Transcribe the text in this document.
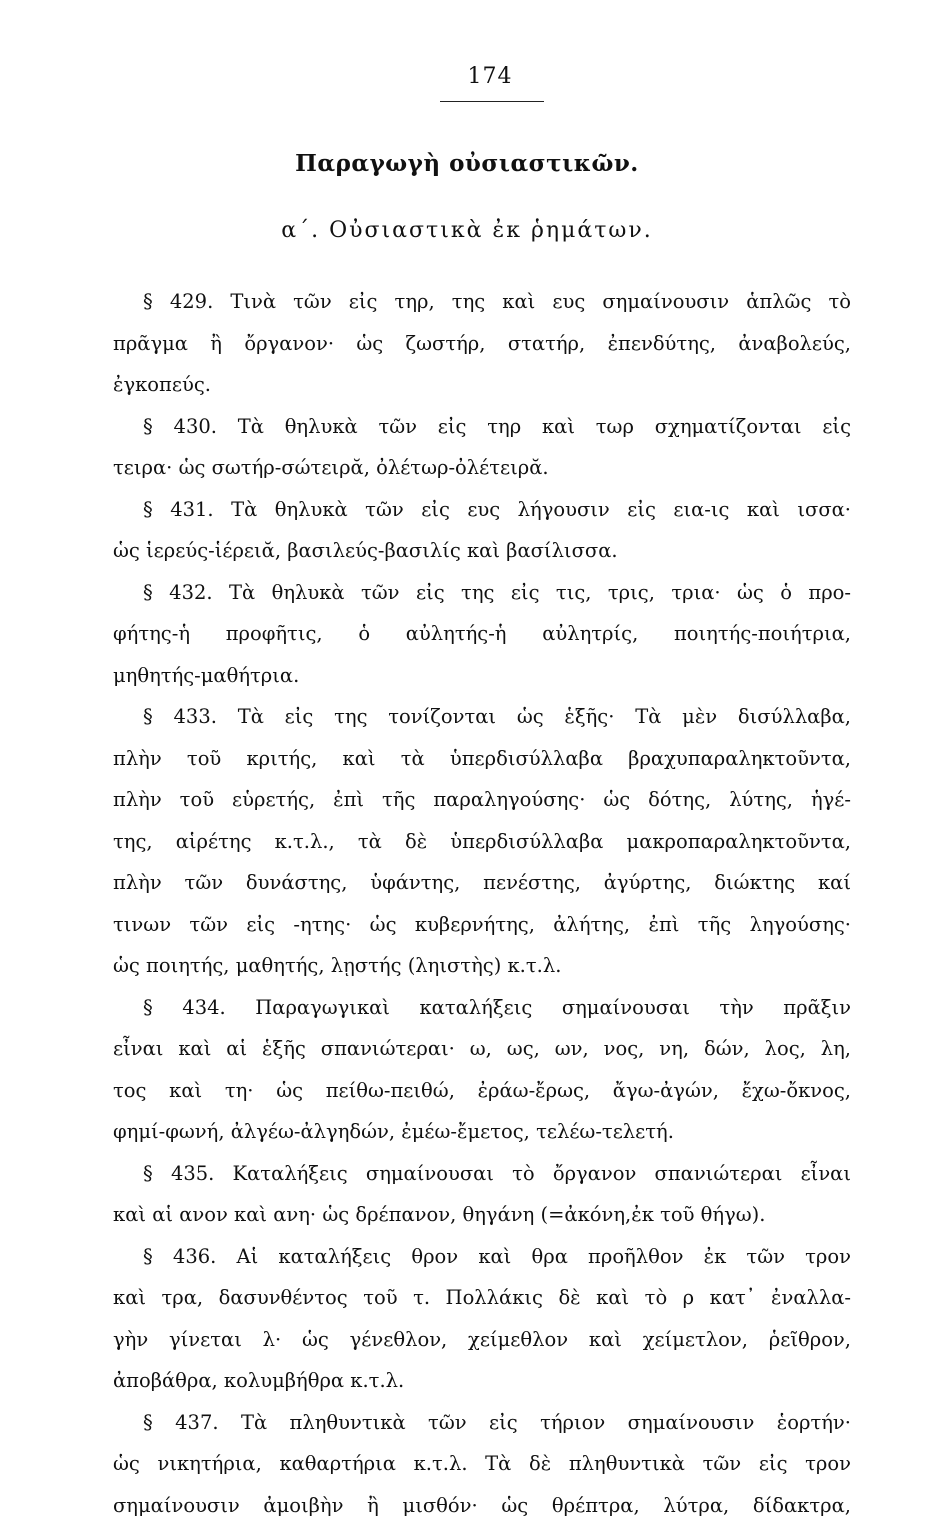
174
Παραγωγὴ οὐσιαστικῶν.
α΄. Οὐσιαστικὰ ἐκ ῥημάτων.
§ 429. Τινὰ τῶν εἰς τηρ, της καὶ ευς σημαίνουσιν ἁπλῶς τὸ
πρᾶγμα ἢ ὄργανον· ὡς ζωστήρ, στατήρ, ἐπενδύτης, ἀναβολεύς,
ἐγκοπεύς.
§ 430. Τὰ θηλυκὰ τῶν εἰς τηρ καὶ τωρ σχηματίζονται εἰς
τειρα· ὡς σωτήρ-σώτειρᾰ, ὀλέτωρ-ὀλέτειρᾰ.
§ 431. Τὰ θηλυκὰ τῶν εἰς ευς λήγουσιν εἰς εια-ις καὶ ισσα·
ὡς ἱερεύς-ἱέρειᾰ, βασιλεύς-βασιλίς καὶ βασίλισσα.
§ 432. Τὰ θηλυκὰ τῶν εἰς της εἰς τις, τρις, τρια· ὡς ὁ προ-
φήτης-ἡ προφῆτις, ὁ αὐλητής-ἡ αὐλητρίς, ποιητής-ποιήτρια,
μηθητής-μαθήτρια.
§ 433. Τὰ εἰς της τονίζονται ὡς ἑξῆς· Τὰ μὲν δισύλλαβα,
πλὴν τοῦ κριτής, καὶ τὰ ὑπερδισύλλαβα βραχυπαραληκτοῦντα,
πλὴν τοῦ εὑρετής, ἐπὶ τῆς παραληγούσης· ὡς δότης, λύτης, ἡγέ-
της, αἱρέτης κ.τ.λ., τὰ δὲ ὑπερδισύλλαβα μακροπαραληκτοῦντα,
πλὴν τῶν δυνάστης, ὑφάντης, πενέστης, ἀγύρτης, διώκτης καί
τινων τῶν εἰς -ητης· ὡς κυβερνήτης, ἀλήτης, ἐπὶ τῆς ληγούσης·
ὡς ποιητής, μαθητής, λῃστής (ληιστὴς) κ.τ.λ.
§ 434. Παραγωγικαὶ καταλήξεις σημαίνουσαι τὴν πρᾶξιν
εἶναι καὶ αἱ ἑξῆς σπανιώτεραι· ω, ως, ων, νος, νη, δών, λος, λη,
τος καὶ τη· ὡς πείθω-πειθώ, ἐράω-ἔρως, ἄγω-ἀγών, ἔχω-ὄκνος,
φημί-φωνή, ἀλγέω-ἀλγηδών, ἐμέω-ἔμετος, τελέω-τελετή.
§ 435. Καταλήξεις σημαίνουσαι τὸ ὄργανον σπανιώτεραι εἶναι
καὶ αἱ ανον καὶ ανη· ὡς δρέπανον, θηγάνη (=ἀκόνη,ἐκ τοῦ θήγω).
§ 436. Αἱ καταλήξεις θρον καὶ θρα προῆλθον ἐκ τῶν τρον
καὶ τρα, δασυνθέντος τοῦ τ. Πολλάκις δὲ καὶ τὸ ρ κατ᾿ ἐναλλα-
γὴν γίνεται λ· ὡς γένεθλον, χείμεθλον καὶ χείμετλον, ῥεῖθρον,
ἀποβάθρα, κολυμβήθρα κ.τ.λ.
§ 437. Τὰ πληθυντικὰ τῶν εἰς τήριον σημαίνουσιν ἑορτήν·
ὡς νικητήρια, καθαρτήρια κ.τ.λ. Τὰ δὲ πληθυντικὰ τῶν εἰς τρον
σημαίνουσιν ἀμοιβὴν ἢ μισθόν· ὡς θρέπτρα, λύτρα, δίδακτρα,
